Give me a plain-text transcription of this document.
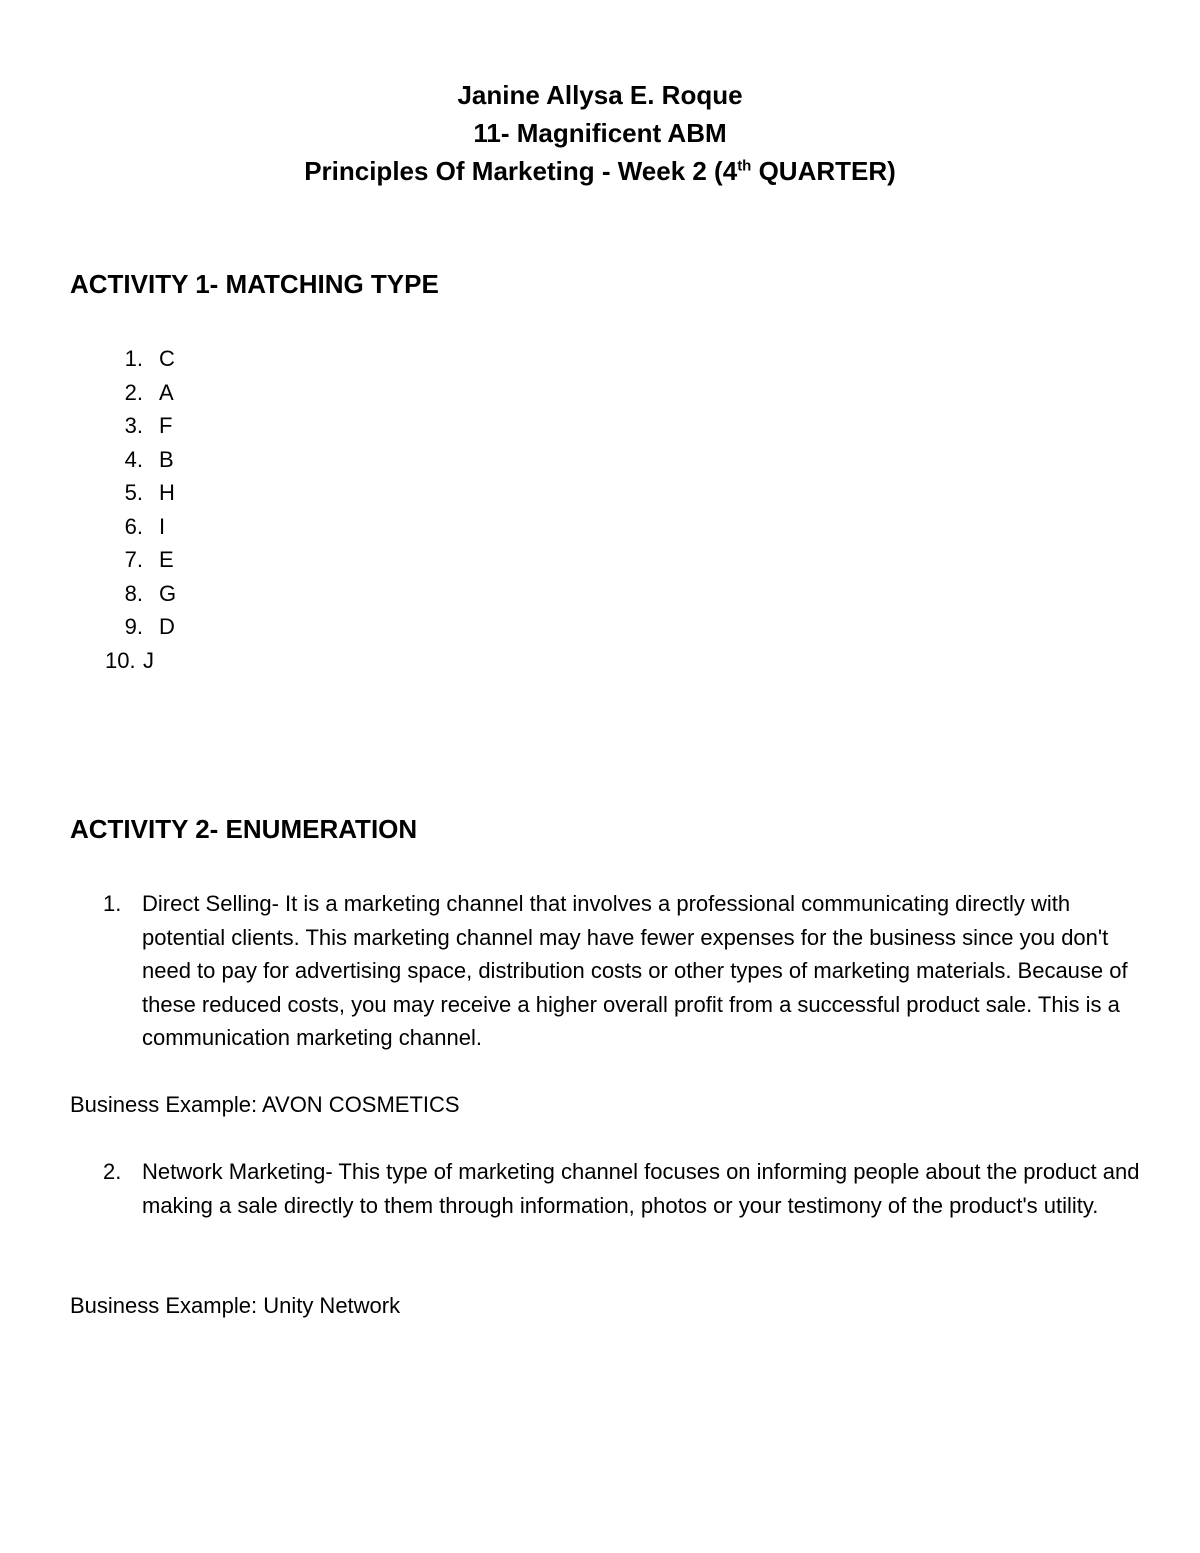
Janine Allysa E. Roque
11- Magnificent ABM
Principles Of Marketing - Week 2 (4th QUARTER)
ACTIVITY 1- MATCHING TYPE
1. C
2. A
3. F
4. B
5. H
6. I
7. E
8. G
9. D
10. J
ACTIVITY 2- ENUMERATION
1. Direct Selling- It is a marketing channel that involves a professional communicating directly with potential clients. This marketing channel may have fewer expenses for the business since you don't need to pay for advertising space, distribution costs or other types of marketing materials. Because of these reduced costs, you may receive a higher overall profit from a successful product sale. This is a communication marketing channel.
Business Example: AVON COSMETICS
2. Network Marketing- This type of marketing channel focuses on informing people about the product and making a sale directly to them through information, photos or your testimony of the product's utility.
Business Example: Unity Network
